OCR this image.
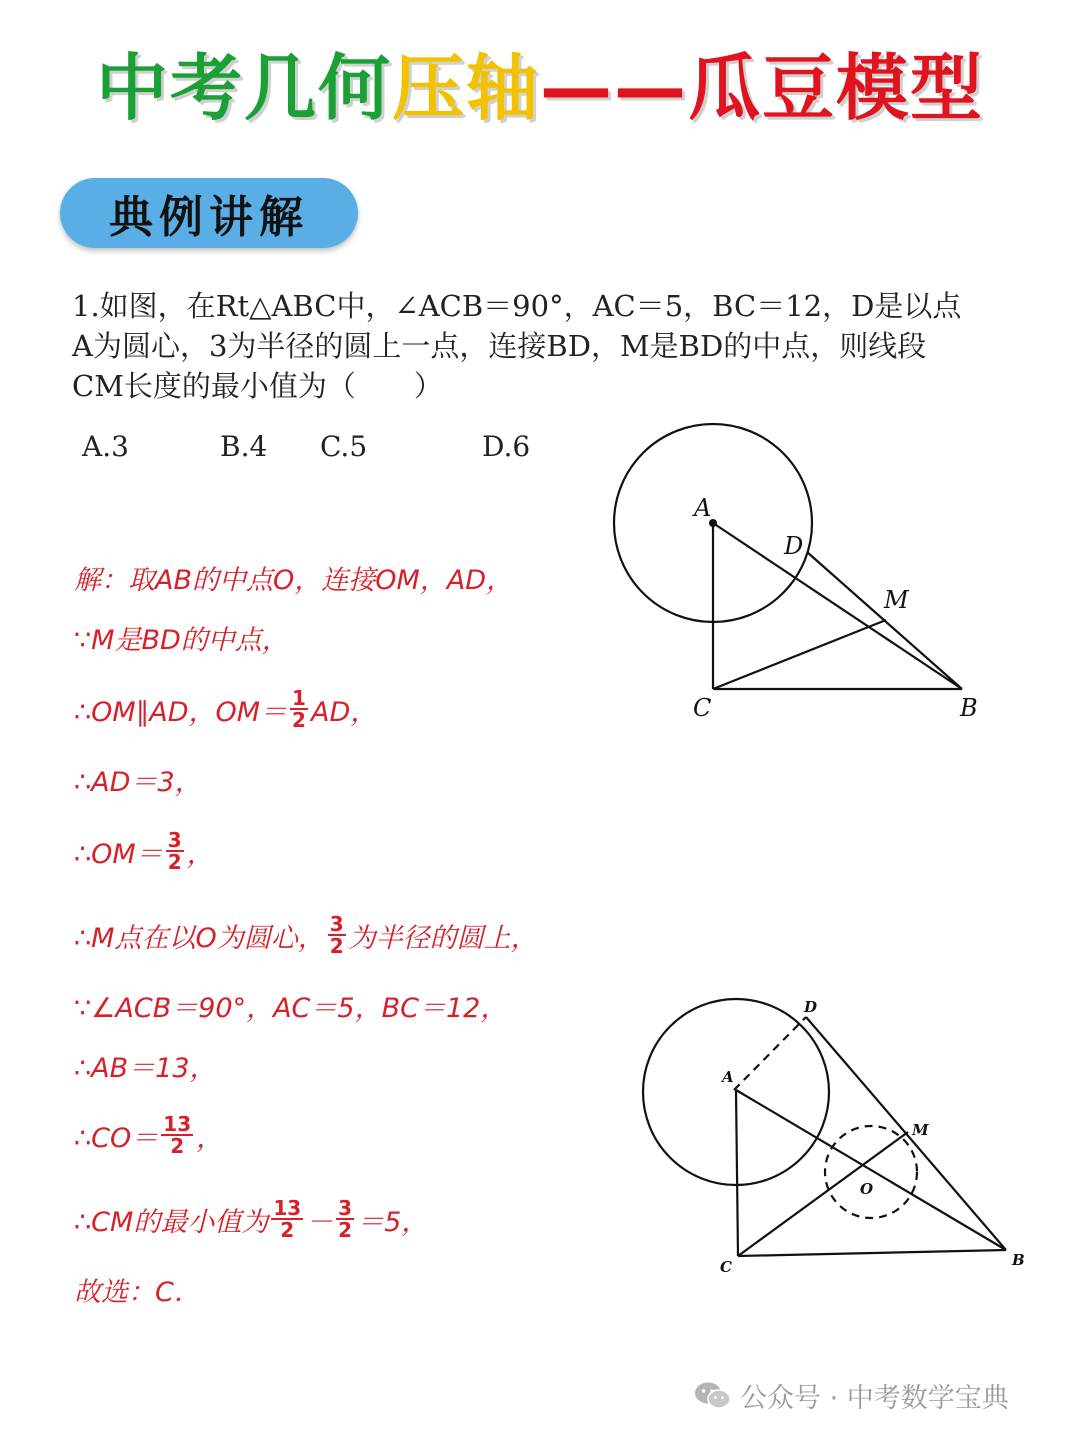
中考几何压轴——瓜豆模型
典例讲解
1.如图，在Rt△ABC中，∠ACB＝90°，AC＝5，BC＝12，D是以点
A为圆心，3为半径的圆上一点，连接BD，M是BD的中点，则线段
CM长度的最小值为（　　）
A.3	B.4 C.5	D.6
A
D
M
C	B
解：取AB的中点O，连接OM，AD，
∵M是BD的中点，
∴OM∥AD，$OM= \frac{1}{2}$ AD，
∴AD＝3，
∴OM＝ $\frac{3}{2}$ ，
∴M点在以O为圆心， $\frac{3}{2}$ 为半径的圆上，
∵∠ACB＝90°，AC＝5，BC＝12，
∴AB＝13，
∴CO＝ $\frac{13}{2}$ ，
∴CM的最小值为 $\frac{13}{2} - \frac{3}{2} =5$，
故选：C．
D
A
M
O
C	B
公众号 · 中考数学宝典
